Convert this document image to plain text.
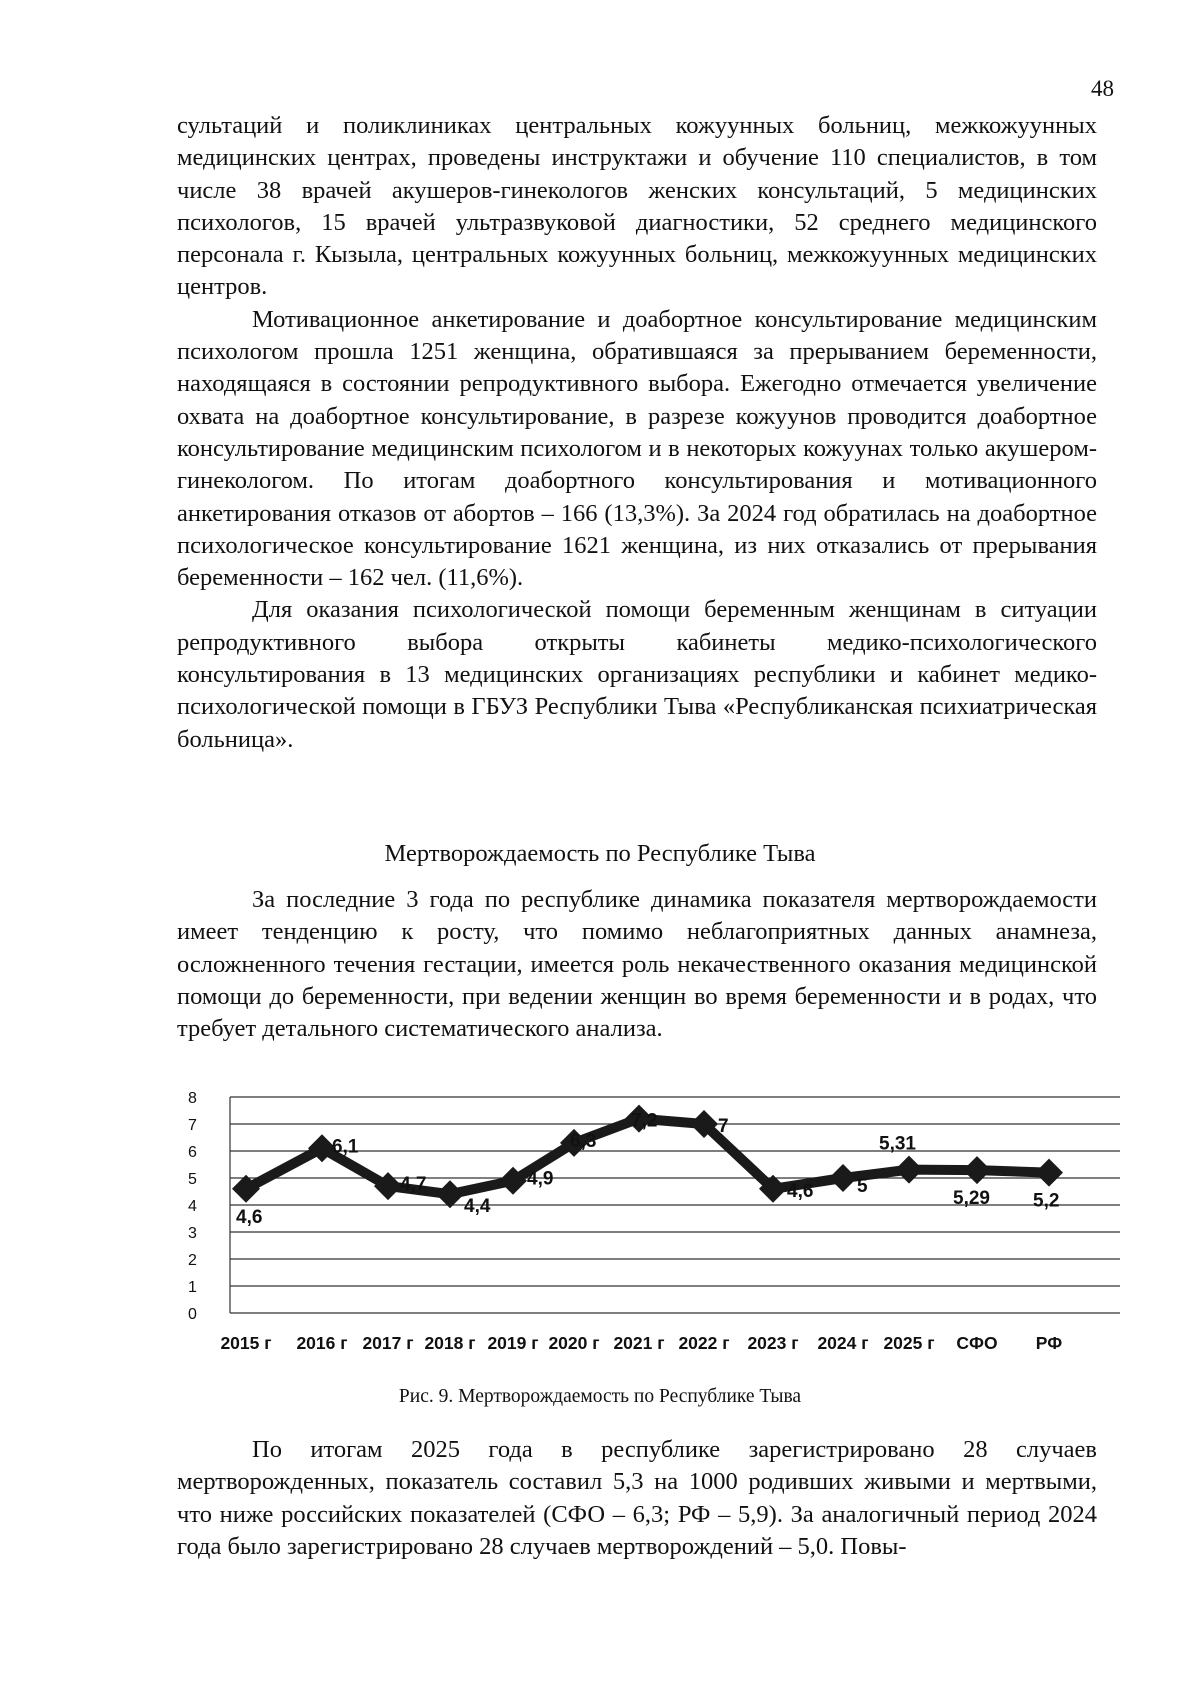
48

сультаций и поликлиниках центральных кожуунных больниц, межкожуунных медицинских центрах, проведены инструктажи и обучение 110 специалистов, в том числе 38 врачей акушеров-гинекологов женских консультаций, 5 медицинских психологов, 15 врачей ультразвуковой диагностики, 52 среднего медицинского персонала г. Кызыла, центральных кожуунных больниц, межкожуунных медицинских центров.

Мотивационное анкетирование и доабортное консультирование медицинским психологом прошла 1251 женщина, обратившаяся за прерыванием беременности, находящаяся в состоянии репродуктивного выбора. Ежегодно отмечается увеличение охвата на доабортное консультирование, в разрезе кожуунов проводится доабортное консультирование медицинским психологом и в некоторых кожуунах только акушером-гинекологом. По итогам доабортного консультирования и мотивационного анкетирования отказов от абортов – 166 (13,3%). За 2024 год обратилась на доабортное психологическое консультирование 1621 женщина, из них отказались от прерывания беременности – 162 чел. (11,6%).

Для оказания психологической помощи беременным женщинам в ситуации репродуктивного выбора открыты кабинеты медико-психологического консультирования в 13 медицинских организациях республики и кабинет медико-психологической помощи в ГБУЗ Республики Тыва «Республиканская психиатрическая больница».

Мертворождаемость по Республике Тыва

За последние 3 года по республике динамика показателя мертворождаемости имеет тенденцию к росту, что помимо неблагоприятных данных анамнеза, осложненного течения гестации, имеется роль некачественного оказания медицинской помощи до беременности, при ведении женщин во время беременности и в родах, что требует детального систематического анализа.

0
1
2
3
4
5
6
7
8
4,6
6,1
4,7
4,4
4,9
6,3
7,2	7
4,6 5
5,31
5,29 5,2
2015 г 2016 г 2017 г 2018 г 2019 г 2020 г 2021 г 2022 г 2023 г 2024 г 2025 г СФО РФ
Рис. 9. Мертворождаемость по Республике Тыва

По итогам 2025 года в республике зарегистрировано 28 случаев мертворожденных, показатель составил 5,3 на 1000 родивших живыми и мертвыми, что ниже российских показателей (СФО – 6,3; РФ – 5,9). За аналогичный период 2024 года было зарегистрировано 28 случаев мертворождений – 5,0. Повы-
